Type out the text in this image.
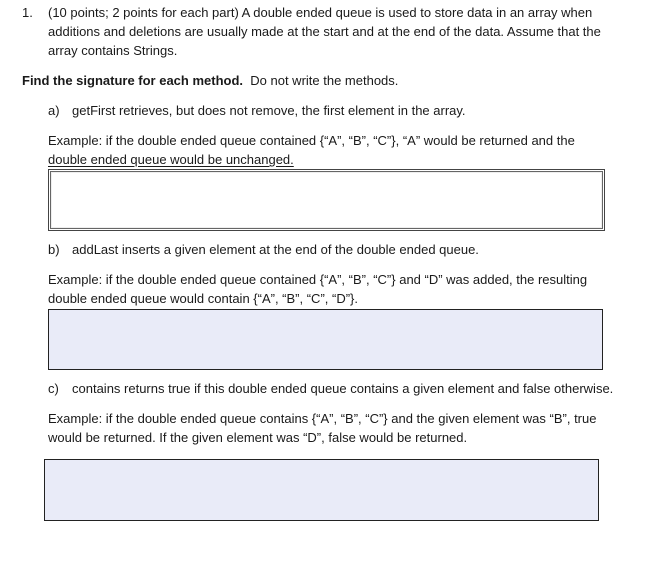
1. (10 points; 2 points for each part) A double ended queue is used to store data in an array when
additions and deletions are usually made at the start and at the end of the data. Assume that the
array contains Strings.
Find the signature for each method. Do not write the methods.
a) getFirst retrieves, but does not remove, the first element in the array.
Example: if the double ended queue contained {“A”, “B”, “C”}, “A” would be returned and the
double ended queue would be unchanged.
b) addLast inserts a given element at the end of the double ended queue.
Example: if the double ended queue contained {“A”, “B”, “C”} and “D” was added, the resulting
double ended queue would contain {“A”, “B”, “C”, “D”}.
c) contains returns true if this double ended queue contains a given element and false otherwise.
Example: if the double ended queue contains {“A”, “B”, “C”} and the given element was “B”, true
would be returned. If the given element was “D”, false would be returned.
